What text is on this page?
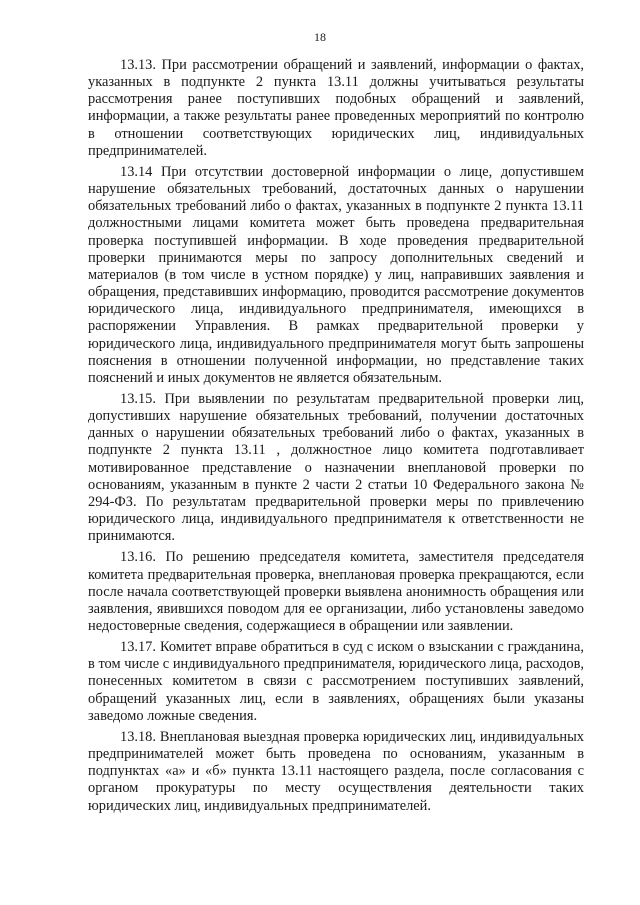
18

13.13. При рассмотрении обращений и заявлений, информации о фактах, указанных в подпункте 2 пункта 13.11 должны учитываться результаты рассмотрения ранее поступивших подобных обращений и заявлений, информации, а также результаты ранее проведенных мероприятий по контролю в отношении соответствующих юридических лиц, индивидуальных предпринимателей.

13.14 При отсутствии достоверной информации о лице, допустившем нарушение обязательных требований, достаточных данных о нарушении обязательных требований либо о фактах, указанных в подпункте 2 пункта 13.11 должностными лицами комитета может быть проведена предварительная проверка поступившей информации. В ходе проведения предварительной проверки принимаются меры по запросу дополнительных сведений и материалов (в том числе в устном порядке) у лиц, направивших заявления и обращения, представивших информацию, проводится рассмотрение документов юридического лица, индивидуального предпринимателя, имеющихся в распоряжении Управления. В рамках предварительной проверки у юридического лица, индивидуального предпринимателя могут быть запрошены пояснения в отношении полученной информации, но представление таких пояснений и иных документов не является обязательным.

13.15. При выявлении по результатам предварительной проверки лиц, допустивших нарушение обязательных требований, получении достаточных данных о нарушении обязательных требований либо о фактах, указанных в подпункте 2 пункта 13.11 , должностное лицо комитета подготавливает мотивированное представление о назначении внеплановой проверки по основаниям, указанным в пункте 2 части 2 статьи 10 Федерального закона № 294-ФЗ. По результатам предварительной проверки меры по привлечению юридического лица, индивидуального предпринимателя к ответственности не принимаются.

13.16. По решению председателя комитета, заместителя председателя комитета предварительная проверка, внеплановая проверка прекращаются, если после начала соответствующей проверки выявлена анонимность обращения или заявления, явившихся поводом для ее организации, либо установлены заведомо недостоверные сведения, содержащиеся в обращении или заявлении.

13.17. Комитет вправе обратиться в суд с иском о взыскании с гражданина, в том числе с индивидуального предпринимателя, юридического лица, расходов, понесенных комитетом в связи с рассмотрением поступивших заявлений, обращений указанных лиц, если в заявлениях, обращениях были указаны заведомо ложные сведения.

13.18. Внеплановая выездная проверка юридических лиц, индивидуальных предпринимателей может быть проведена по основаниям, указанным в подпунктах «а» и «б» пункта 13.11 настоящего раздела, после согласования с органом прокуратуры по месту осуществления деятельности таких юридических лиц, индивидуальных предпринимателей.
